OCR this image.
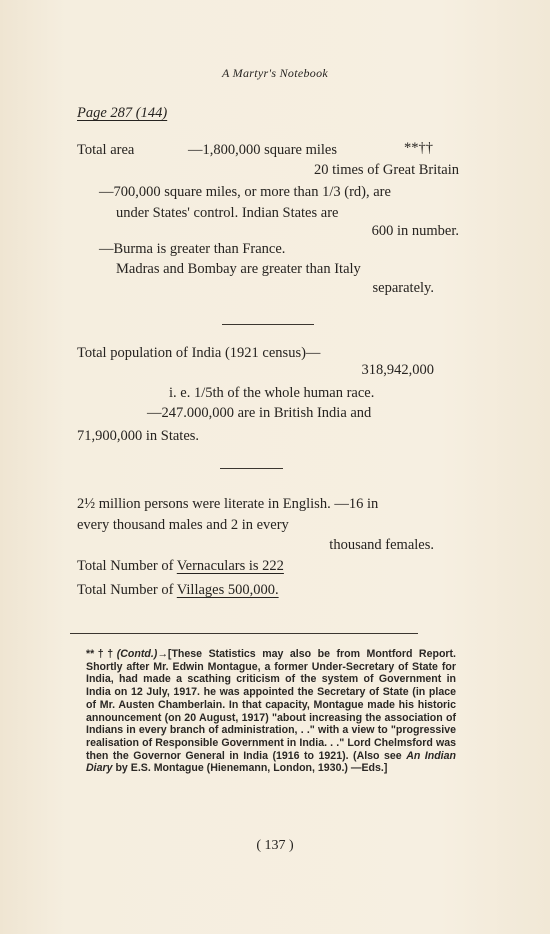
A Martyr's Notebook
Page 287 (144)
Total area	—1,800,000 square miles	**††
20 times of Great Britain
—700,000 square miles, or more than 1/3 (rd), are
under States' control. Indian States are
600 in number.
—Burma is greater than France.
Madras and Bombay are greater than Italy
separately.
Total population of India (1921 census)—
318,942,000
i. e. 1/5th of the whole human race.
—247.000,000 are in British India and
71,900,000 in States.
2½ million persons were literate in English. —16 in
every thousand males and 2 in every
thousand females.
Total Number of Vernaculars is 222
Total Number of Villages 500,000.
**††(Contd.)→[These Statistics may also be from Montford Report. Shortly after Mr. Edwin Montague, a former Under-Secretary of State for India, had made a scathing criticism of the system of Government in India on 12 July, 1917. he was appointed the Secretary of State (in place of Mr. Austen Chamberlain. In that capacity, Montague made his historic announcement (on 20 August, 1917) "about increasing the association of Indians in every branch of administration, . ." with a view to "progressive realisation of Responsible Government in India. . ." Lord Chelmsford was then the Governor General in India (1916 to 1921). (Also see An Indian Diary by E.S. Montague (Hienemann, London, 1930.) —Eds.]
( 137 )
